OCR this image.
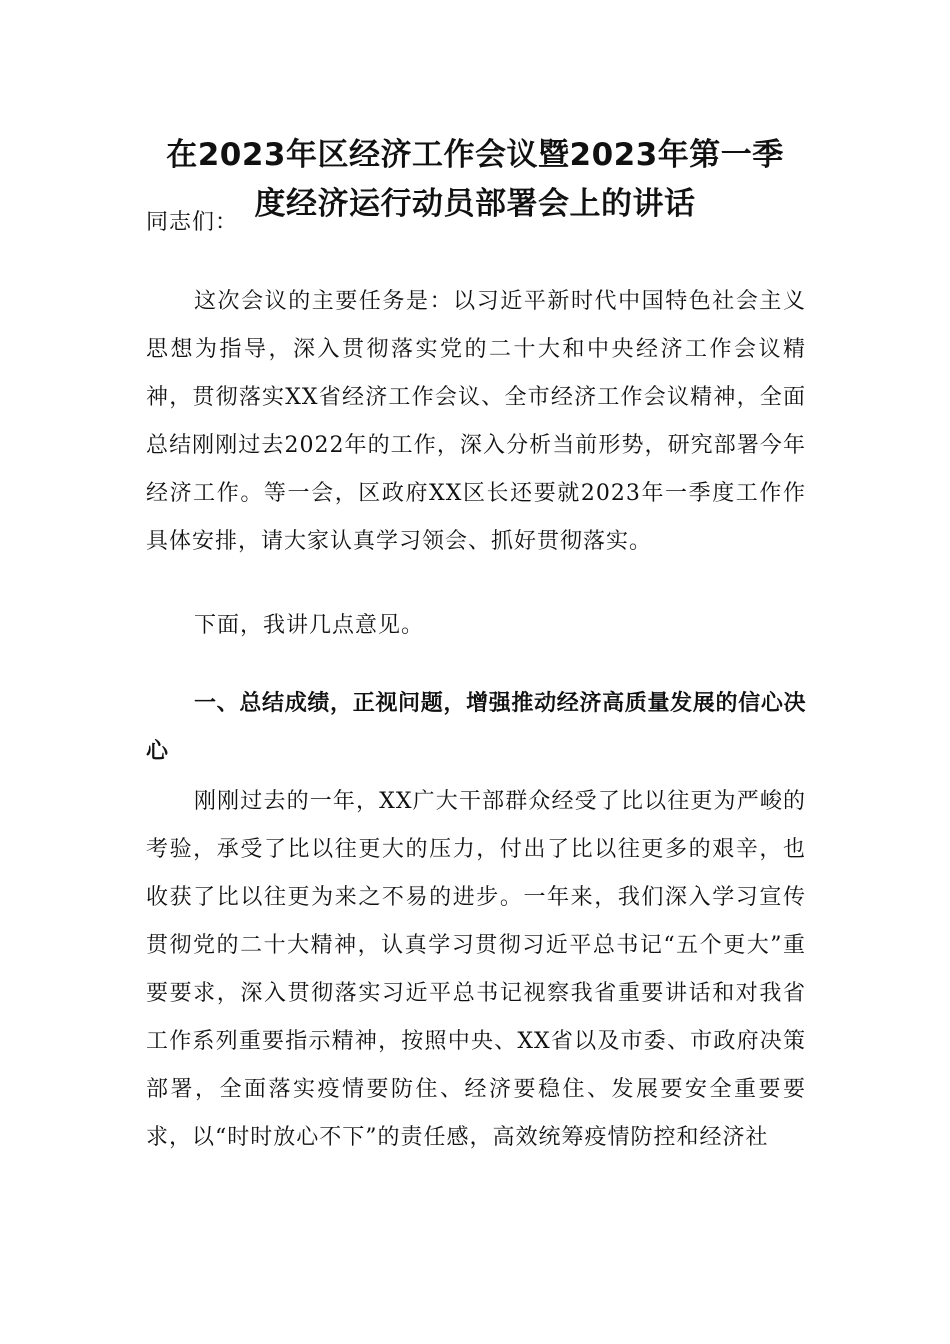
在2023年区经济工作会议暨2023年第一季
度经济运行动员部署会上的讲话
同志们：
这次会议的主要任务是：以习近平新时代中国特色社会主义思想为指导，深入贯彻落实党的二十大和中央经济工作会议精神，贯彻落实XX省经济工作会议、全市经济工作会议精神，全面总结刚刚过去2022年的工作，深入分析当前形势，研究部署今年经济工作。等一会，区政府XX区长还要就2023年一季度工作作具体安排，请大家认真学习领会、抓好贯彻落实。
下面，我讲几点意见。
一、总结成绩，正视问题，增强推动经济高质量发展的信心决心
刚刚过去的一年，XX广大干部群众经受了比以往更为严峻的考验，承受了比以往更大的压力，付出了比以往更多的艰辛，也收获了比以往更为来之不易的进步。一年来，我们深入学习宣传贯彻党的二十大精神，认真学习贯彻习近平总书记“五个更大”重要要求，深入贯彻落实习近平总书记视察我省重要讲话和对我省工作系列重要指示精神，按照中央、XX省以及市委、市政府决策部署，全面落实疫情要防住、经济要稳住、发展要安全重要要求，以“时时放心不下”的责任感，高效统筹疫情防控和经济社
